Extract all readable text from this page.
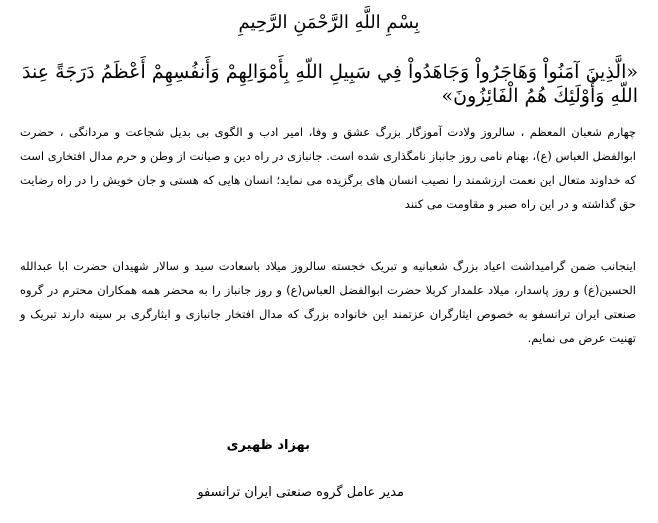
بِسْمِ اللَّهِ الرَّحْمَنِ الرَّحِيمِ
«الَّذِينَ آمَنُواْ وَهَاجَرُواْ وَجَاهَدُواْ فِي سَبِيلِ اللّهِ بِأَمْوَالِهِمْ وَأَنفُسِهِمْ أَعْظَمُ دَرَجَةً عِندَ اللّهِ وَأُوْلَئِكَ هُمُ الْفَائِزُونَ»
چهارم شعبان المعظم ، سالروز ولادت آموزگار بزرگ عشق و وفا، امیر ادب و الگوی بی بدیل شجاعت و مردانگی ، حضرت ابوالفضل العباس (ع)، بهنام نامی روز جانباز نامگذاری شده است. جانبازی در راه دین و صیانت از وطن و حرم مدال افتخاری است که خداوند متعال این نعمت ارزشمند را نصیب انسان های برگزیده می نماید؛ انسان هایی که هستی و جان خویش را در راه رضایت حق گذاشته و در این راه صبر و مقاومت می کنند
اینجانب ضمن گرامیداشت اعیاد بزرگ شعبانیه و تبریک خجسته سالروز میلاد باسعادت سید و سالار شهیدان حضرت ابا عبدالله الحسین(ع) و روز پاسدار، میلاد علمدار کربلا حضرت ابوالفضل العباس(ع) و روز جانباز را به محضر همه همکاران محترم در گروه صنعتی ایران ترانسفو به خصوص ایثارگران عزتمند این خانواده بزرگ که مدال افتخار جانبازی و ایثارگری بر سینه دارند تبریک و تهنیت عرض می نمایم.
بهزاد ظهیری
مدیر عامل گروه صنعتی ایران ترانسفو
